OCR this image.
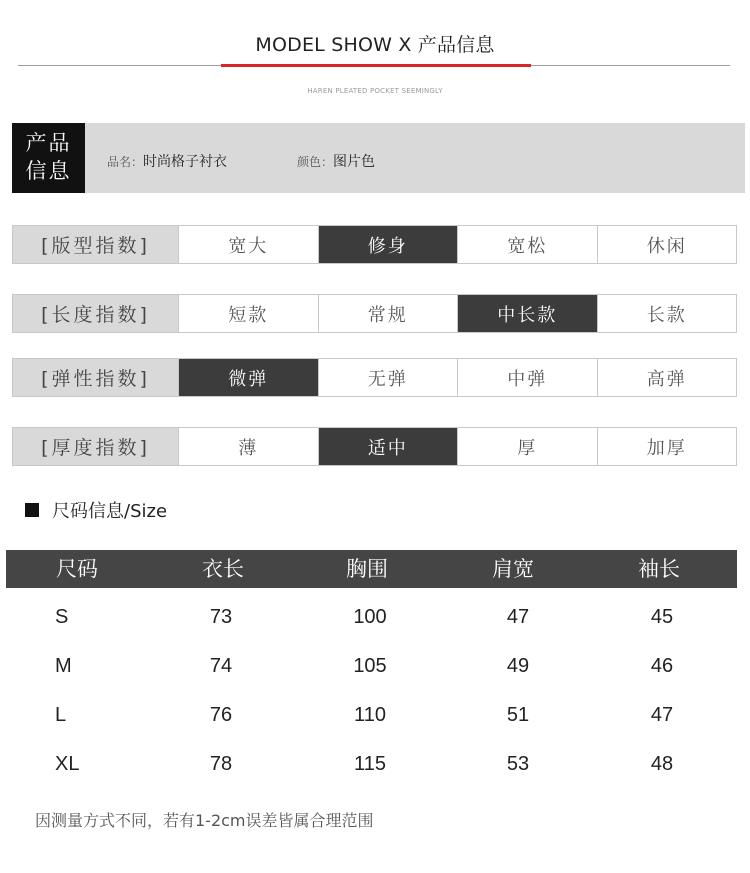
MODEL SHOW X 产品信息
HAREN PLEATED POCKET SEEMINGLY
产品
信息	品名：时尚格子衬衣	颜色：图片色
[版型指数]	宽大	修身	宽松	休闲
[长度指数]	短款	常规	中长款	长款
[弹性指数]	微弹	无弹	中弹	高弹
[厚度指数]	薄	适中	厚	加厚
尺码信息/Size
尺码	衣长	胸围	肩宽	袖长
S	73	100	47	45
M	74	105	49	46
L	76	110	51	47
XL	78	115	53	48
因测量方式不同，若有1-2cm误差皆属合理范围
